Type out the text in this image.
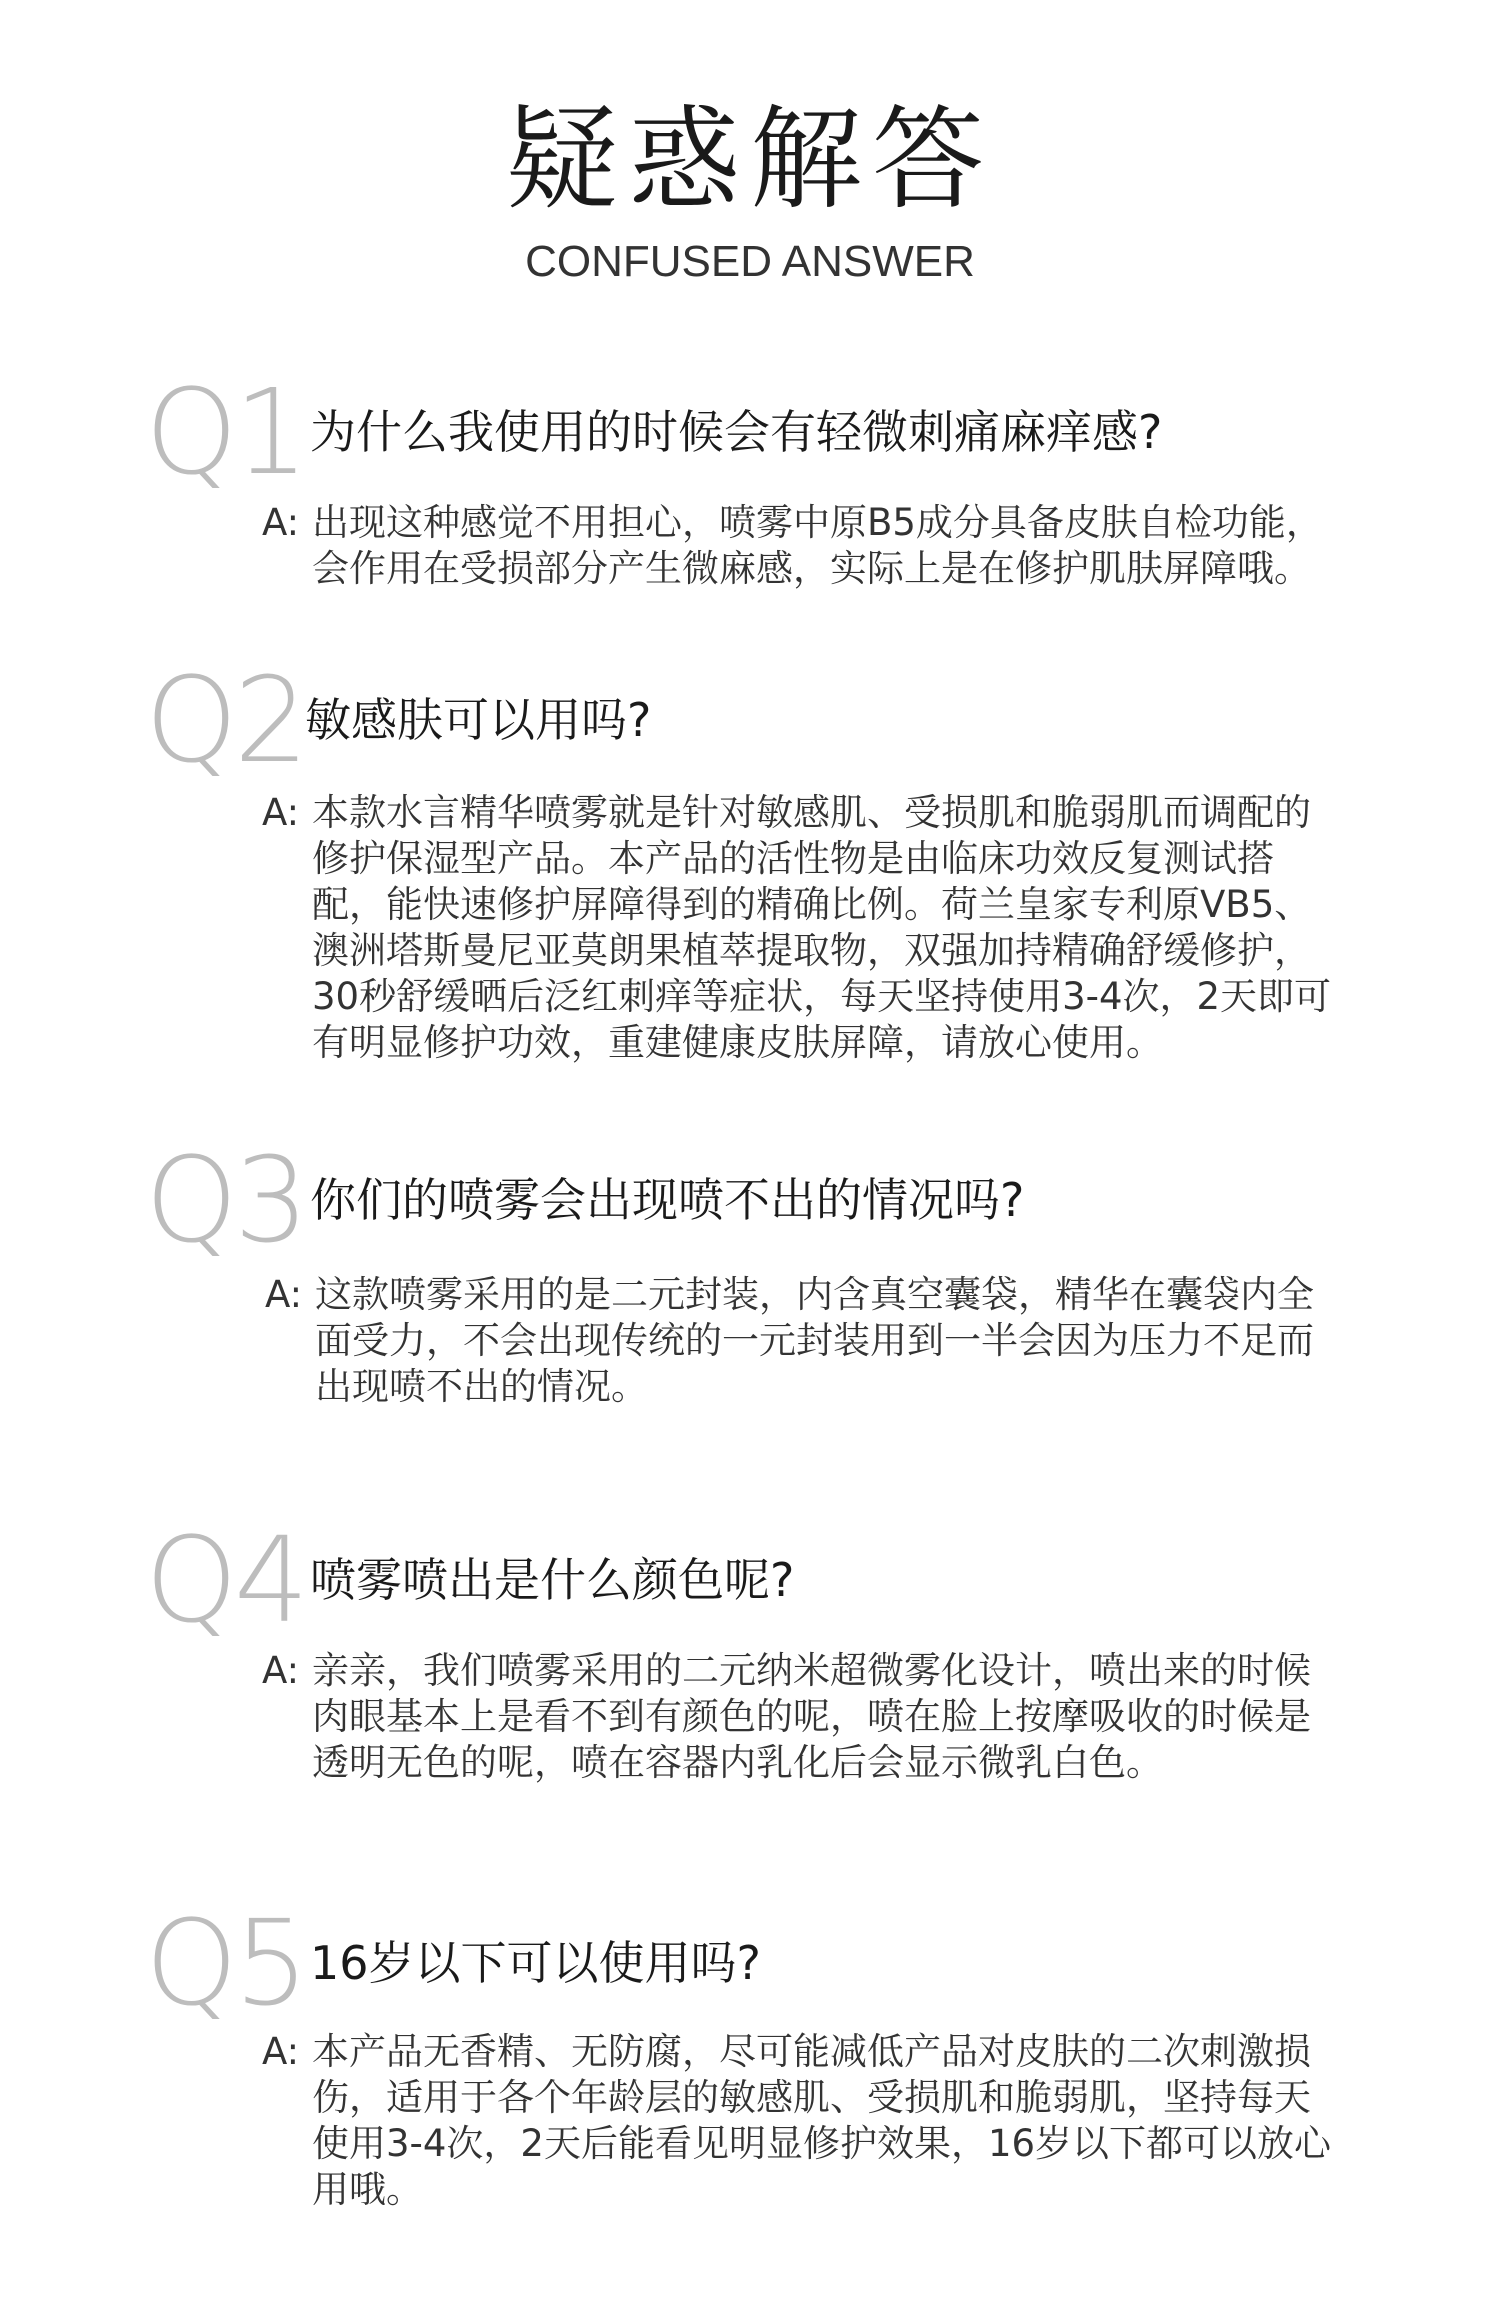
疑惑解答
CONFUSED ANSWER
Q1 为什么我使用的时候会有轻微刺痛麻痒感?
A: 出现这种感觉不用担心，喷雾中原B5成分具备皮肤自检功能，会作用在受损部分产生微麻感，实际上是在修护肌肤屏障哦。
Q2 敏感肤可以用吗?
A: 本款水言精华喷雾就是针对敏感肌、受损肌和脆弱肌而调配的修护保湿型产品。本产品的活性物是由临床功效反复测试搭配，能快速修护屏障得到的精确比例。荷兰皇家专利原VB5、澳洲塔斯曼尼亚莫朗果植萃提取物，双强加持精确舒缓修护，30秒舒缓晒后泛红刺痒等症状，每天坚持使用3-4次，2天即可有明显修护功效，重建健康皮肤屏障，请放心使用。
Q3 你们的喷雾会出现喷不出的情况吗?
A: 这款喷雾采用的是二元封装，内含真空囊袋，精华在囊袋内全面受力，不会出现传统的一元封装用到一半会因为压力不足而出现喷不出的情况。
Q4 喷雾喷出是什么颜色呢?
A: 亲亲，我们喷雾采用的二元纳米超微雾化设计，喷出来的时候肉眼基本上是看不到有颜色的呢，喷在脸上按摩吸收的时候是透明无色的呢，喷在容器内乳化后会显示微乳白色。
Q5 16岁以下可以使用吗?
A: 本产品无香精、无防腐，尽可能减低产品对皮肤的二次刺激损伤，适用于各个年龄层的敏感肌、受损肌和脆弱肌，坚持每天使用3-4次，2天后能看见明显修护效果，16岁以下都可以放心用哦。
